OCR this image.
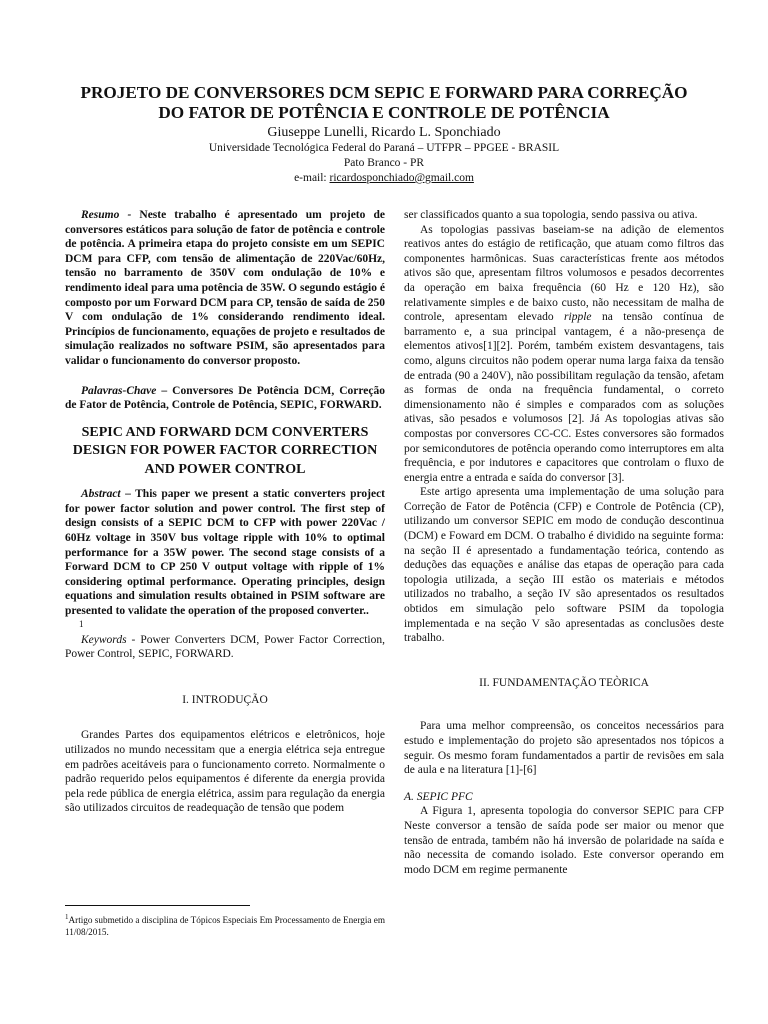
PROJETO DE CONVERSORES DCM SEPIC E FORWARD PARA CORREÇÃO
DO FATOR DE POTÊNCIA E CONTROLE DE POTÊNCIA
Giuseppe Lunelli, Ricardo L. Sponchiado
Universidade Tecnológica Federal do Paraná – UTFPR – PPGEE - BRASIL
Pato Branco - PR
e-mail: ricardosponchiado@gmail.com

Resumo - Neste trabalho é apresentado um projeto de conversores estáticos para solução de fator de potência e controle de potência. A primeira etapa do projeto consiste em um SEPIC DCM para CFP, com tensão de alimentação de 220Vac/60Hz, tensão no barramento de 350V com ondulação de 10% e rendimento ideal para uma potência de 35W. O segundo estágio é composto por um Forward DCM para CP, tensão de saída de 250 V com ondulação de 1% considerando rendimento ideal. Princípios de funcionamento, equações de projeto e resultados de simulação realizados no software PSIM, são apresentados para validar o funcionamento do conversor proposto.

Palavras-Chave – Conversores De Potência DCM, Correção de Fator de Potência, Controle de Potência, SEPIC, FORWARD.

SEPIC AND FORWARD DCM CONVERTERS DESIGN FOR POWER FACTOR CORRECTION AND POWER CONTROL

Abstract – This paper we present a static converters project for power factor solution and power control. The first step of design consists of a SEPIC DCM to CFP with power 220Vac / 60Hz voltage in 350V bus voltage ripple with 10% to optimal performance for a 35W power. The second stage consists of a Forward DCM to CP 250 V output voltage with ripple of 1% considering optimal performance. Operating principles, design equations and simulation results obtained in PSIM software are presented to validate the operation of the proposed converter..

1

Keywords - Power Converters DCM, Power Factor Correction, Power Control, SEPIC, FORWARD.

I. INTRODUÇÃO

Grandes Partes dos equipamentos elétricos e eletrônicos, hoje utilizados no mundo necessitam que a energia elétrica seja entregue em padrões aceitáveis para o funcionamento correto. Normalmente o padrão requerido pelos equipamentos é diferente da energia provida pela rede pública de energia elétrica, assim para regulação da energia são utilizados circuitos de readequação de tensão que podem

$^1$Artigo submetido a disciplina de Tópicos Especiais Em Processamento de Energia em 11/08/2015.

ser classificados quanto a sua topologia, sendo passiva ou ativa.

As topologias passivas baseiam-se na adição de elementos reativos antes do estágio de retificação, que atuam como filtros das componentes harmônicas. Suas características frente aos métodos ativos são que, apresentam filtros volumosos e pesados decorrentes da operação em baixa frequência (60 Hz e 120 Hz), são relativamente simples e de baixo custo, não necessitam de malha de controle, apresentam elevado ripple na tensão contínua de barramento e, a sua principal vantagem, é a não-presença de elementos ativos[1][2]. Porém, também existem desvantagens, tais como, alguns circuitos não podem operar numa larga faixa da tensão de entrada (90 a 240V), não possibilitam regulação da tensão, afetam as formas de onda na frequência fundamental, o correto dimensionamento não é simples e comparados com as soluções ativas, são pesados e volumosos [2]. Já As topologias ativas são compostas por conversores CC-CC. Estes conversores são formados por semicondutores de potência operando como interruptores em alta frequência, e por indutores e capacitores que controlam o fluxo de energia entre a entrada e saída do conversor [3].

Este artigo apresenta uma implementação de uma solução para Correção de Fator de Potência (CFP) e Controle de Potência (CP), utilizando um conversor SEPIC em modo de condução descontinua (DCM) e Foward em DCM. O trabalho é dividido na seguinte forma: na seção II é apresentado a fundamentação teórica, contendo as deduções das equações e análise das etapas de operação para cada topologia utilizada, a seção III estão os materiais e métodos utilizados no trabalho, a seção IV são apresentados os resultados obtidos em simulação pelo software PSIM da topologia implementada e na seção V são apresentadas as conclusões deste trabalho.

II. FUNDAMENTAÇÃO TEÒRICA

Para uma melhor compreensão, os conceitos necessários para estudo e implementação do projeto são apresentados nos tópicos a seguir. Os mesmo foram fundamentados a partir de revisões em sala de aula e na literatura [1]-[6]

A. SEPIC PFC

A Figura 1, apresenta topologia do conversor SEPIC para CFP Neste conversor a tensão de saída pode ser maior ou menor que tensão de entrada, também não há inversão de polaridade na saída e não necessita de comando isolado. Este conversor operando em modo DCM em regime permanente
